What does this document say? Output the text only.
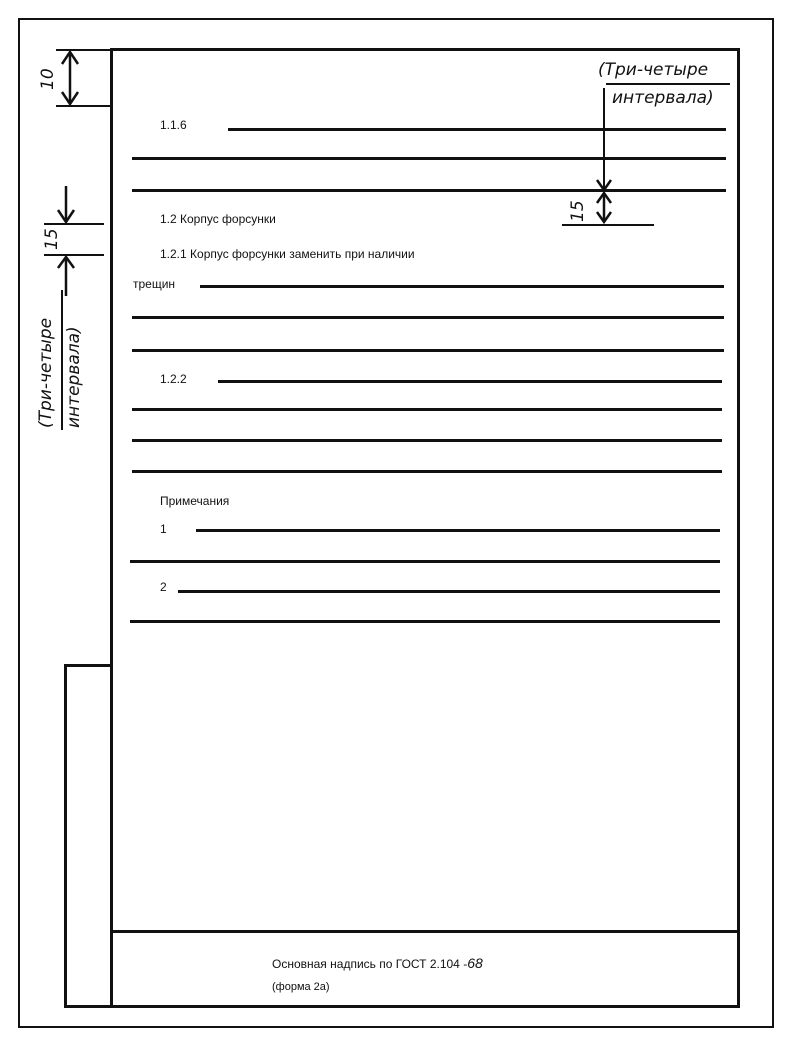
10
15
15
(Три-четыре
интервала)
(Три-четыре интервала)
1.1.6
1.2 Корпус форсунки
1.2.1 Корпус форсунки заменить при наличии
трещин
1.2.2
Примечания
1
2
Основная надпись по ГОСТ 2.104 -68
(форма 2а)
